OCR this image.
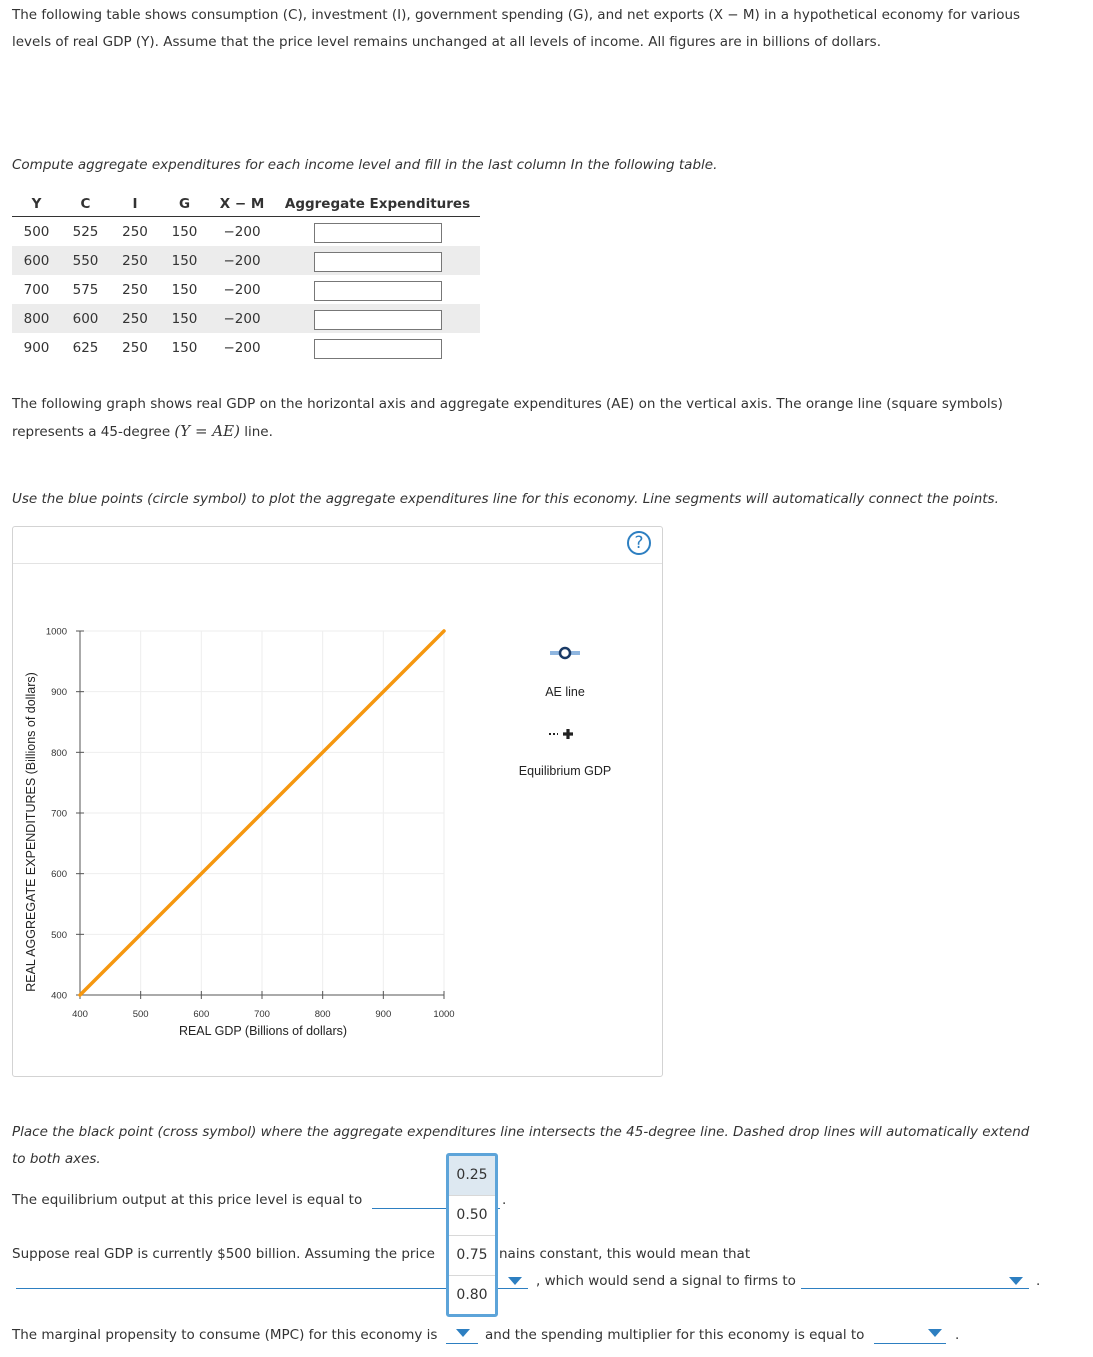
The following table shows consumption (C), investment (I), government spending (G), and net exports (X − M) in a hypothetical economy for various
levels of real GDP (Y). Assume that the price level remains unchanged at all levels of income. All figures are in billions of dollars.
Compute aggregate expenditures for each income level and fill in the last column In the following table.
Y	C	I	G	X − M	Aggregate Expenditures
500	525	250	150	−200	
600	550	250	150	−200	
700	575	250	150	−200	
800	600	250	150	−200	
900	625	250	150	−200	
The following graph shows real GDP on the horizontal axis and aggregate expenditures (AE) on the vertical axis. The orange line (square symbols)
represents a 45-degree (Y = AE) line.
Use the blue points (circle symbol) to plot the aggregate expenditures line for this economy. Line segments will automatically connect the points.
?
400	500	600	700	800	900	1000
400
500
600
700
800
900
1000
REAL GDP (Billions of dollars)
REAL AGGREGATE EXPENDITURES (Billions of dollars)	AE line
Equilibrium GDP
Place the black point (cross symbol) where the aggregate expenditures line intersects the 45-degree line. Dashed drop lines will automatically extend
to both axes.
The equilibrium output at this price level is equal to	.
Suppose real GDP is currently $500 billion. Assuming the price	nains constant, this would mean that
, which would send a signal to firms to	.
The marginal propensity to consume (MPC) for this economy is	and the spending multiplier for this economy is equal to	.
0.25
0.50
0.75
0.80
